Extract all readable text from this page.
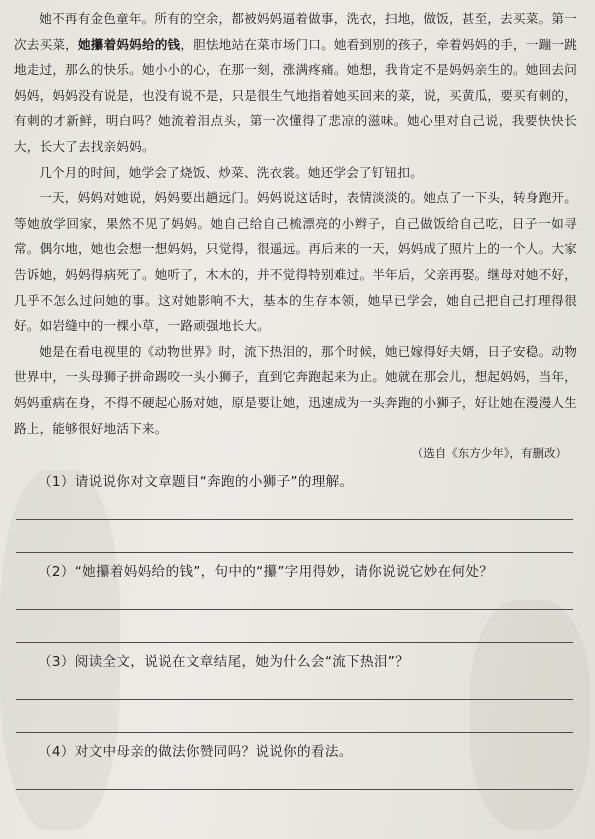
她不再有金色童年。所有的空余，都被妈妈逼着做事，洗衣，扫地，做饭，甚至，去买菜。第一次去买菜，她攥着妈妈给的钱，胆怯地站在菜市场门口。她看到别的孩子，牵着妈妈的手，一蹦一跳地走过，那么的快乐。她小小的心，在那一刻，涨满疼痛。她想，我肯定不是妈妈亲生的。她回去问妈妈，妈妈没有说是，也没有说不是，只是很生气地指着她买回来的菜，说，买黄瓜，要买有刺的，有刺的才新鲜，明白吗？她流着泪点头，第一次懂得了悲凉的滋味。她心里对自己说，我要快快长大，长大了去找亲妈妈。

几个月的时间，她学会了烧饭、炒菜、洗衣裳。她还学会了钉钮扣。

一天，妈妈对她说，妈妈要出趟远门。妈妈说这话时，表情淡淡的。她点了一下头，转身跑开。等她放学回家，果然不见了妈妈。她自己给自己梳漂亮的小辫子，自己做饭给自己吃，日子一如寻常。偶尔地，她也会想一想妈妈，只觉得，很遥远。再后来的一天，妈妈成了照片上的一个人。大家告诉她，妈妈得病死了。她听了，木木的，并不觉得特别难过。半年后，父亲再娶。继母对她不好，几乎不怎么过问她的事。这对她影响不大，基本的生存本领，她早已学会，她自己把自己打理得很好。如岩缝中的一棵小草，一路顽强地长大。

她是在看电视里的《动物世界》时，流下热泪的，那个时候，她已嫁得好夫婿，日子安稳。动物世界中，一头母狮子拼命踢咬一头小狮子，直到它奔跑起来为止。她就在那会儿，想起妈妈，当年，妈妈重病在身，不得不硬起心肠对她，原是要让她，迅速成为一头奔跑的小狮子，好让她在漫漫人生路上，能够很好地活下来。

（选自《东方少年》，有删改）

（1）请说说你对文章题目“奔跑的小狮子”的理解。

（2）“她攥着妈妈给的钱”，句中的“攥”字用得妙，请你说说它妙在何处？

（3）阅读全文，说说在文章结尾，她为什么会“流下热泪”？

（4）对文中母亲的做法你赞同吗？说说你的看法。
